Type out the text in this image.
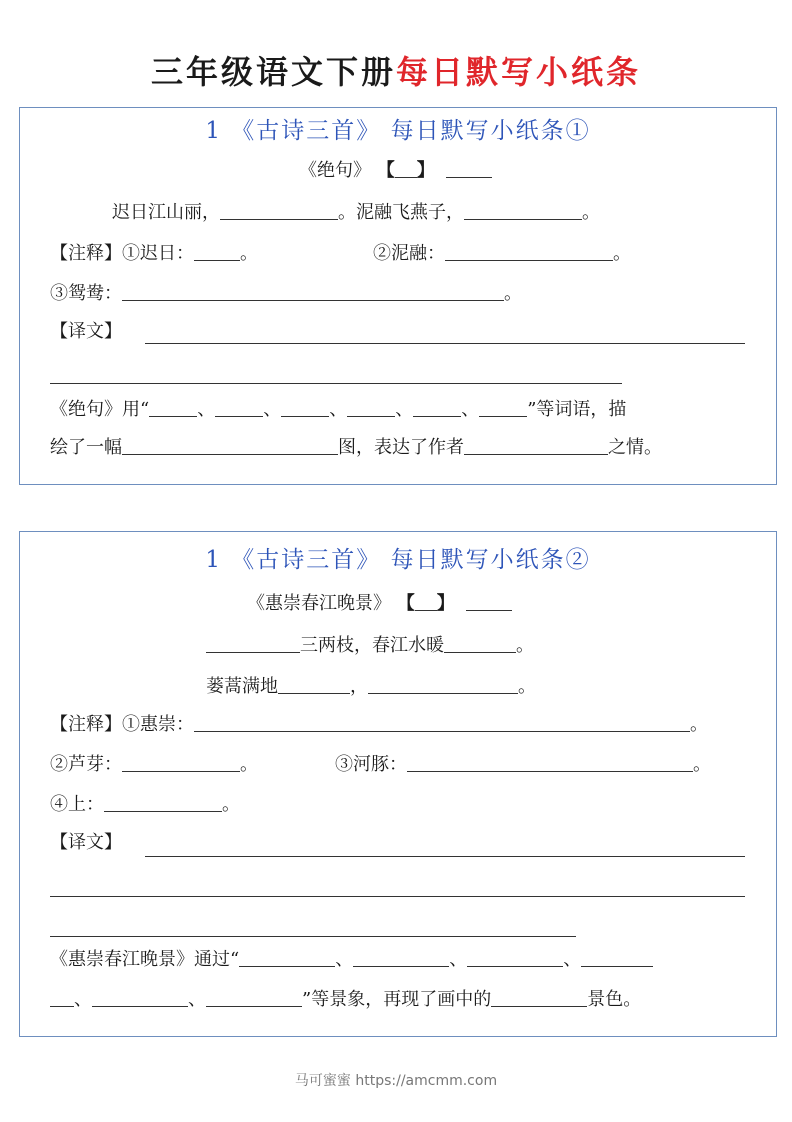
三年级语文下册每日默写小纸条
1 《古诗三首》 每日默写小纸条①
《绝句》 【 】
迟日江山丽，	。泥融飞燕子，	。
【注释】①迟日：	。	②泥融：	。
③鸳鸯：	。
【译文】
《绝句》用“	、	、	、	、	、	”等词语，描
绘了一幅	图，表达了作者	之情。
1 《古诗三首》 每日默写小纸条②
《惠崇春江晚景》 【 】
三两枝，春江水暖	。
蒌蒿满地	，	。
【注释】①惠崇：	。
②芦芽：	。	③河豚：	。
④上：	。
【译文】
《惠崇春江晚景》通过“	、	、	、
、	、	”等景象，再现了画中的	景色。
马可蜜蜜 https://amcmm.com
